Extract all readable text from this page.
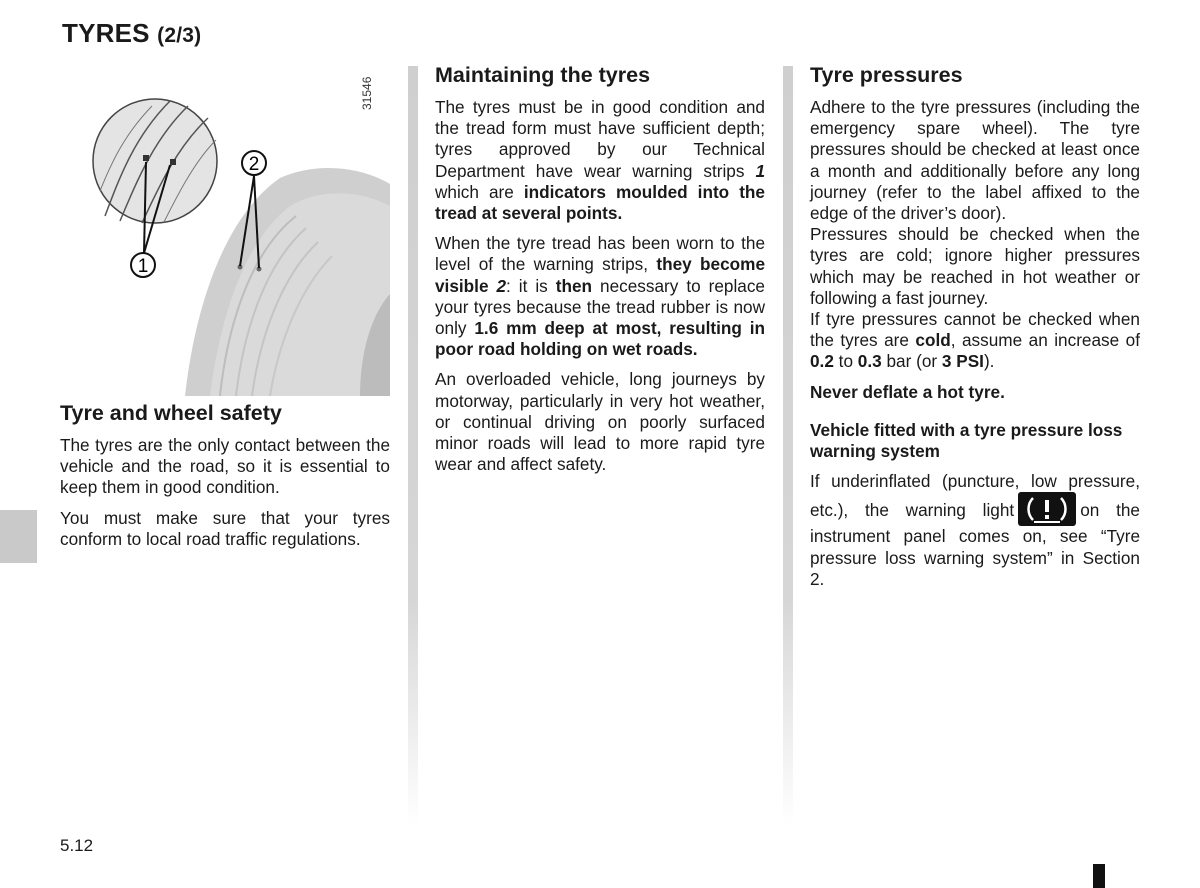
TYRES (2/3)
1
2
31546
Tyre and wheel safety

The tyres are the only contact between the vehicle and the road, so it is essential to keep them in good condition.

You must make sure that your tyres conform to local road traffic regulations.

Maintaining the tyres

The tyres must be in good condition and the tread form must have sufficient depth; tyres approved by our Technical Department have wear warning strips 1 which are indicators moulded into the tread at several points.

When the tyre tread has been worn to the level of the warning strips, they become visible 2: it is then necessary to replace your tyres because the tread rubber is now only 1.6 mm deep at most, resulting in poor road holding on wet roads.

An overloaded vehicle, long journeys by motorway, particularly in very hot weather, or continual driving on poorly surfaced minor roads will lead to more rapid tyre wear and affect safety.

Tyre pressures

Adhere to the tyre pressures (including the emergency spare wheel). The tyre pressures should be checked at least once a month and additionally before any long journey (refer to the label affixed to the edge of the driver’s door).

Pressures should be checked when the tyres are cold; ignore higher pressures which may be reached in hot weather or following a fast journey.

If tyre pressures cannot be checked when the tyres are cold, assume an increase of 0.2 to 0.3 bar (or 3 PSI).

Never deflate a hot tyre.

Vehicle fitted with a tyre pressure loss warning system

If underinflated (puncture, low pressure, etc.), the warning light	on the instrument panel comes on, see “Tyre pressure loss warning system” in Section 2.

5.12
